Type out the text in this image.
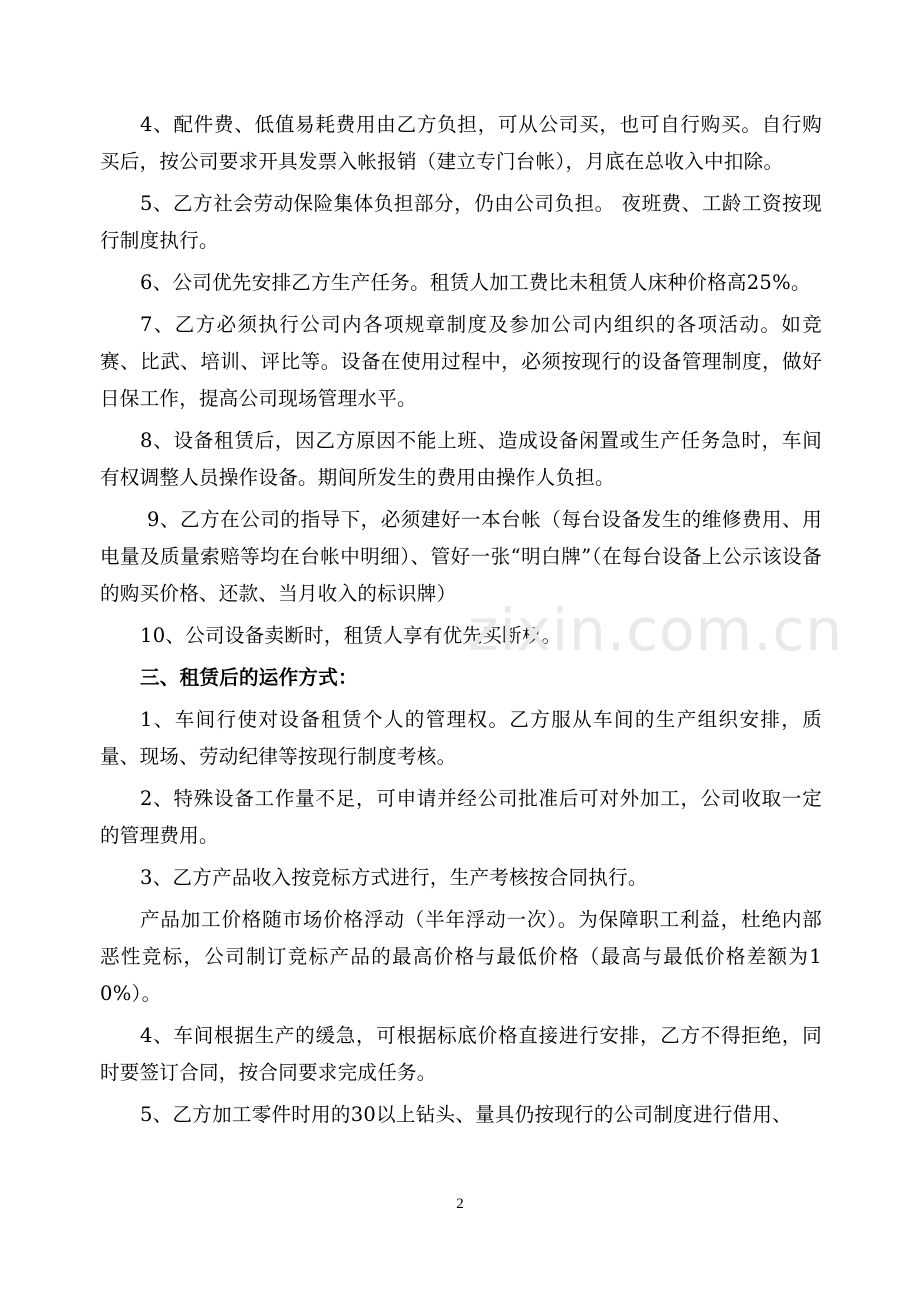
4、配件费、低值易耗费用由乙方负担，可从公司买，也可自行购买。自行购买后，按公司要求开具发票入帐报销（建立专门台帐），月底在总收入中扣除。

5、乙方社会劳动保险集体负担部分，仍由公司负担。 夜班费、工龄工资按现行制度执行。

6、公司优先安排乙方生产任务。租赁人加工费比未租赁人床种价格高25%。

7、乙方必须执行公司内各项规章制度及参加公司内组织的各项活动。如竞赛、比武、培训、评比等。设备在使用过程中，必须按现行的设备管理制度，做好日保工作，提高公司现场管理水平。

8、设备租赁后，因乙方原因不能上班、造成设备闲置或生产任务急时，车间有权调整人员操作设备。期间所发生的费用由操作人负担。

9、乙方在公司的指导下，必须建好一本台帐（每台设备发生的维修费用、用电量及质量索赔等均在台帐中明细）、管好一张“明白牌”（在每台设备上公示该设备的购买价格、还款、当月收入的标识牌）

10、公司设备卖断时，租赁人享有优先买断权。

三、租赁后的运作方式：

1、车间行使对设备租赁个人的管理权。乙方服从车间的生产组织安排，质量、现场、劳动纪律等按现行制度考核。

2、特殊设备工作量不足，可申请并经公司批准后可对外加工，公司收取一定的管理费用。

3、乙方产品收入按竞标方式进行，生产考核按合同执行。

产品加工价格随市场价格浮动（半年浮动一次）。为保障职工利益，杜绝内部恶性竞标，公司制订竞标产品的最高价格与最低价格（最高与最低价格差额为10%）。

4、车间根据生产的缓急，可根据标底价格直接进行安排，乙方不得拒绝，同时要签订合同，按合同要求完成任务。

5、乙方加工零件时用的30以上钻头、量具仍按现行的公司制度进行借用、

zixin.com.cn
2
